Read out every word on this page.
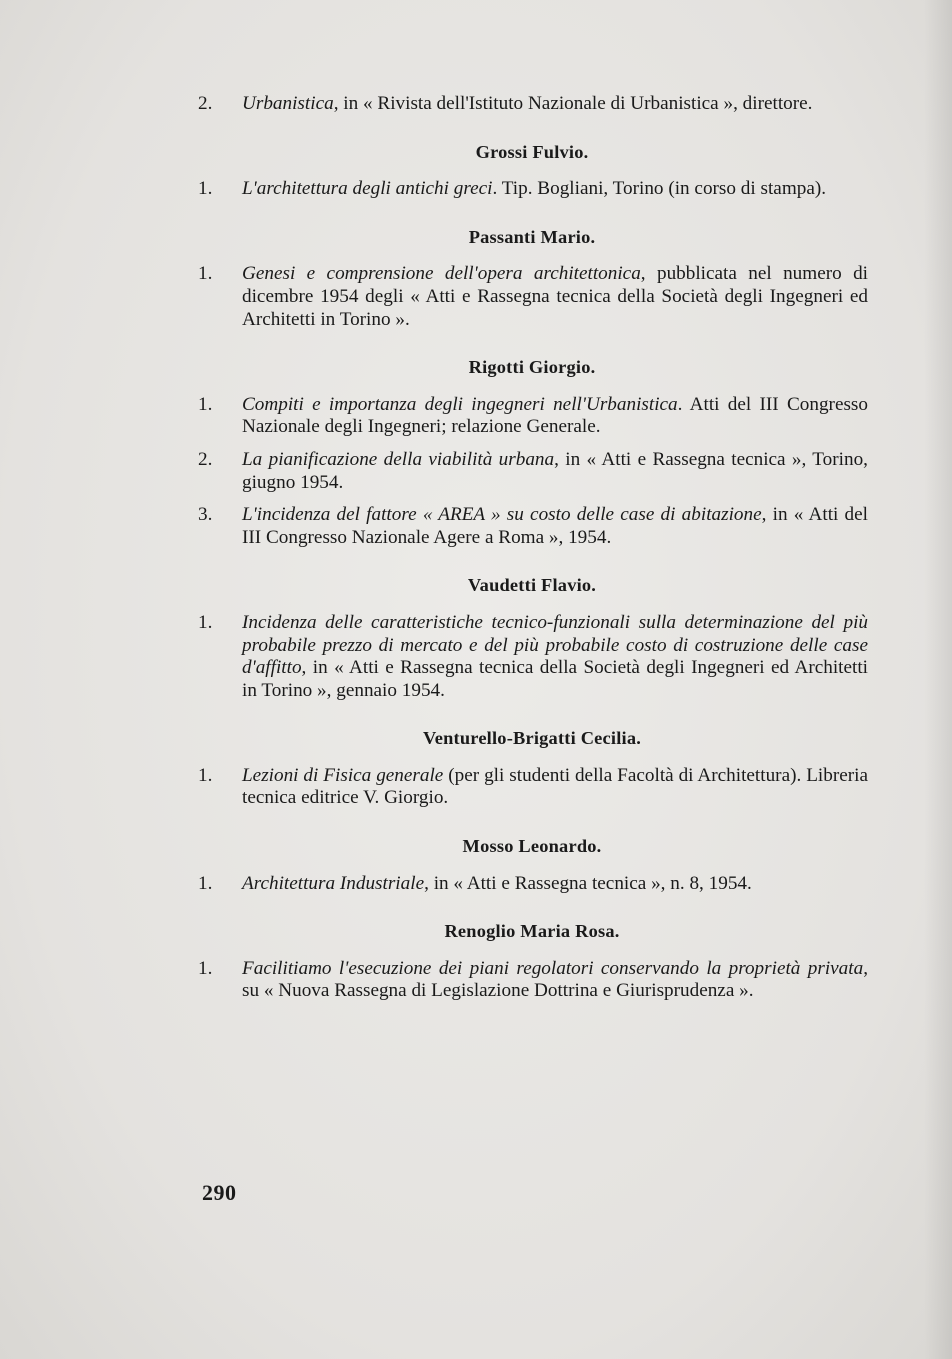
2. Urbanistica, in « Rivista dell'Istituto Nazionale di Urbanistica », direttore.
Grossi Fulvio.
1. L'architettura degli antichi greci. Tip. Bogliani, Torino (in corso di stampa).
Passanti Mario.
1. Genesi e comprensione dell'opera architettonica, pubblicata nel numero di dicembre 1954 degli « Atti e Rassegna tecnica della Società degli Ingegneri ed Architetti in Torino ».
Rigotti Giorgio.
1. Compiti e importanza degli ingegneri nell'Urbanistica. Atti del III Congresso Nazionale degli Ingegneri; relazione Generale.
2. La pianificazione della viabilità urbana, in « Atti e Rassegna tecnica », Torino, giugno 1954.
3. L'incidenza del fattore « AREA » su costo delle case di abitazione, in « Atti del III Congresso Nazionale Agere a Roma », 1954.
Vaudetti Flavio.
1. Incidenza delle caratteristiche tecnico-funzionali sulla determinazione del più probabile prezzo di mercato e del più probabile costo di costruzione delle case d'affitto, in « Atti e Rassegna tecnica della Società degli Ingegneri ed Architetti in Torino », gennaio 1954.
Venturello-Brigatti Cecilia.
1. Lezioni di Fisica generale (per gli studenti della Facoltà di Architettura). Libreria tecnica editrice V. Giorgio.
Mosso Leonardo.
1. Architettura Industriale, in « Atti e Rassegna tecnica », n. 8, 1954.
Renoglio Maria Rosa.
1. Facilitiamo l'esecuzione dei piani regolatori conservando la proprietà privata, su « Nuova Rassegna di Legislazione Dottrina e Giurisprudenza ».
290
